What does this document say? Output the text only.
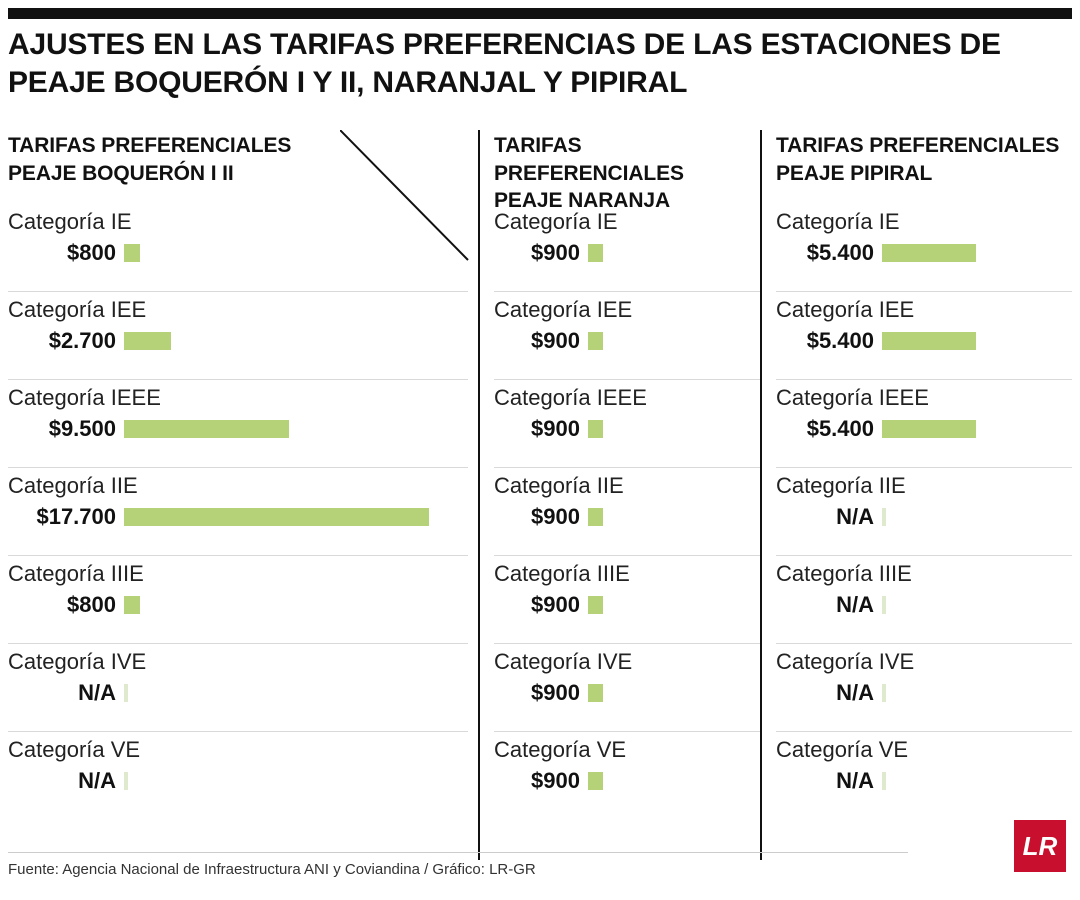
AJUSTES EN LAS TARIFAS PREFERENCIAS DE LAS ESTACIONES DE PEAJE BOQUERÓN I Y II, NARANJAL Y PIPIRAL
TARIFAS PREFERENCIALES PEAJE BOQUERÓN I II
Categoría IE
$800
Categoría IEE
$2.700
Categoría IEEE
$9.500
Categoría IIE
$17.700
Categoría IIIE
$800
Categoría IVE
N/A
Categoría VE
N/A
TARIFAS PREFERENCIALES PEAJE NARANJA
Categoría IE
$900
Categoría IEE
$900
Categoría IEEE
$900
Categoría IIE
$900
Categoría IIIE
$900
Categoría IVE
$900
Categoría VE
$900
TARIFAS PREFERENCIALES PEAJE PIPIRAL
Categoría IE
$5.400
Categoría IEE
$5.400
Categoría IEEE
$5.400
Categoría IIE
N/A
Categoría IIIE
N/A
Categoría IVE
N/A
Categoría VE
N/A
Fuente: Agencia Nacional de Infraestructura ANI y Coviandina / Gráfico: LR-GR
LR
